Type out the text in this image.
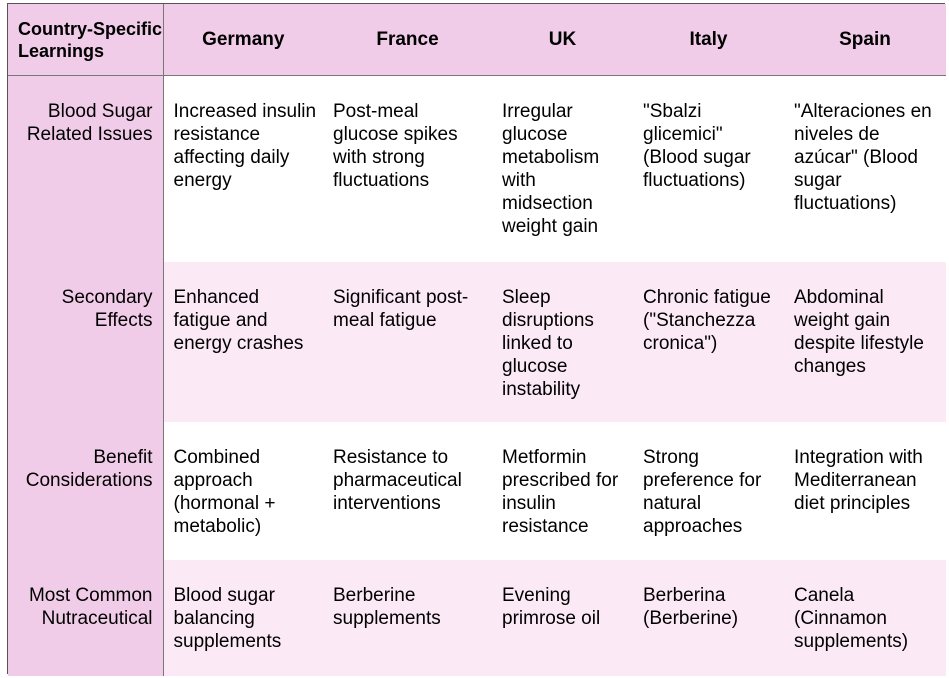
Country-Specific Learnings	Germany	France	UK	Italy	Spain
Blood Sugar Related Issues	Increased insulin resistance affecting daily energy	Post-meal glucose spikes with strong fluctuations	Irregular glucose metabolism with midsection weight gain	"Sbalzi glicemici" (Blood sugar fluctuations)	"Alteraciones en niveles de azúcar" (Blood sugar fluctuations)
Secondary Effects	Enhanced fatigue and energy crashes	Significant post-meal fatigue	Sleep disruptions linked to glucose instability	Chronic fatigue ("Stanchezza cronica")	Abdominal weight gain despite lifestyle changes
Benefit Considerations	Combined approach (hormonal + metabolic)	Resistance to pharmaceutical interventions	Metformin prescribed for insulin resistance	Strong preference for natural approaches	Integration with Mediterranean diet principles
Most Common Nutraceutical	Blood sugar balancing supplements	Berberine supplements	Evening primrose oil	Berberina (Berberine)	Canela (Cinnamon supplements)
